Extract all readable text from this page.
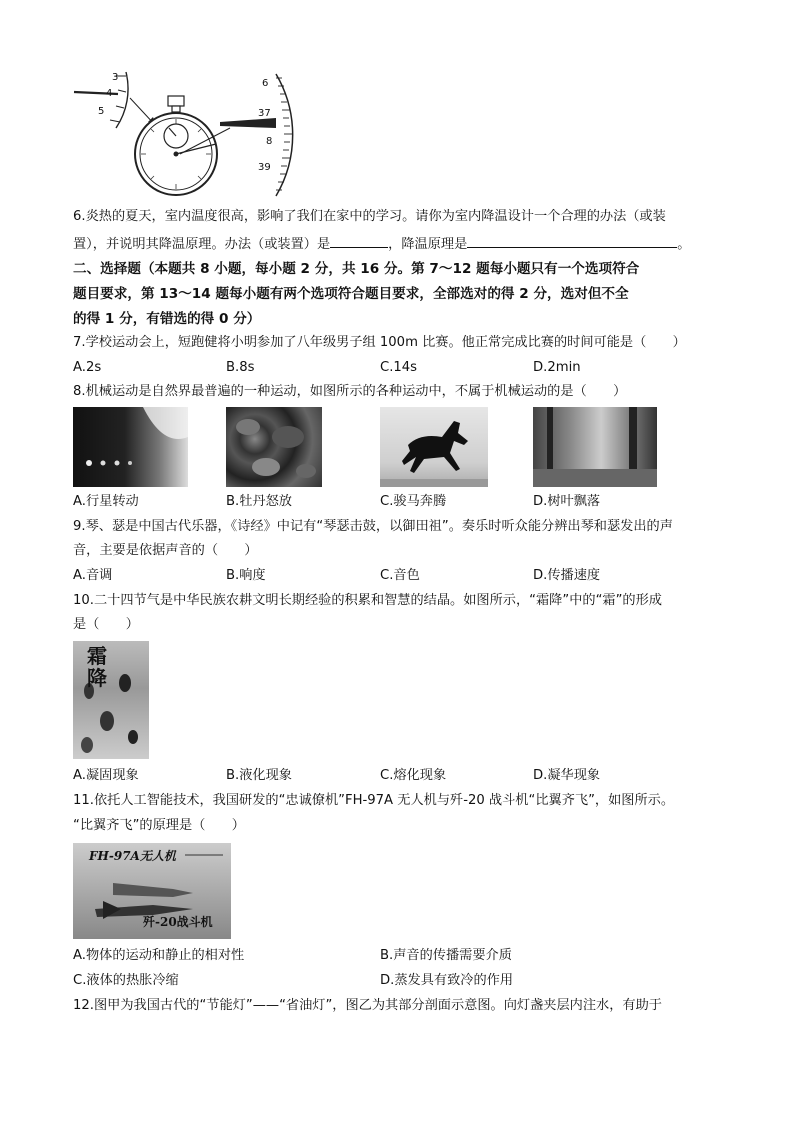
3
4
5
6
37
8
39
6.炎热的夏天，室内温度很高，影响了我们在家中的学习。请你为室内降温设计一个合理的办法（或装
置），并说明其降温原理。办法（或装置）是	，降温原理是	。
二、选择题（本题共 8 小题，每小题 2 分，共 16 分。第 7～12 题每小题只有一个选项符合
题目要求，第 13～14 题每小题有两个选项符合题目要求，全部选对的得 2 分，选对但不全
的得 1 分，有错选的得 0 分）
7.学校运动会上，短跑健将小明参加了八年级男子组 100m 比赛。他正常完成比赛的时间可能是（　　）
A.2s	B.8s	C.14s	D.2min
8.机械运动是自然界最普遍的一种运动，如图所示的各种运动中，不属于机械运动的是（　　）
A.行星转动	B.牡丹怒放	C.骏马奔腾	D.树叶飘落
9.琴、瑟是中国古代乐器，《诗经》中记有“琴瑟击鼓，以御田祖”。奏乐时听众能分辨出琴和瑟发出的声
音，主要是依据声音的（　　）
A.音调	B.响度	C.音色	D.传播速度
10.二十四节气是中华民族农耕文明长期经验的积累和智慧的结晶。如图所示，“霜降”中的“霜”的形成
是（　　）
霜降
A.凝固现象	B.液化现象	C.熔化现象	D.凝华现象
11.依托人工智能技术，我国研发的“忠诚僚机”FH-97A 无人机与歼-20 战斗机“比翼齐飞”，如图所示。
“比翼齐飞”的原理是（　　）
FH-97A无人机
歼-20战斗机
A.物体的运动和静止的相对性	B.声音的传播需要介质
C.液体的热胀冷缩	D.蒸发具有致冷的作用
12.图甲为我国古代的“节能灯”——“省油灯”，图乙为其部分剖面示意图。向灯盏夹层内注水，有助于
